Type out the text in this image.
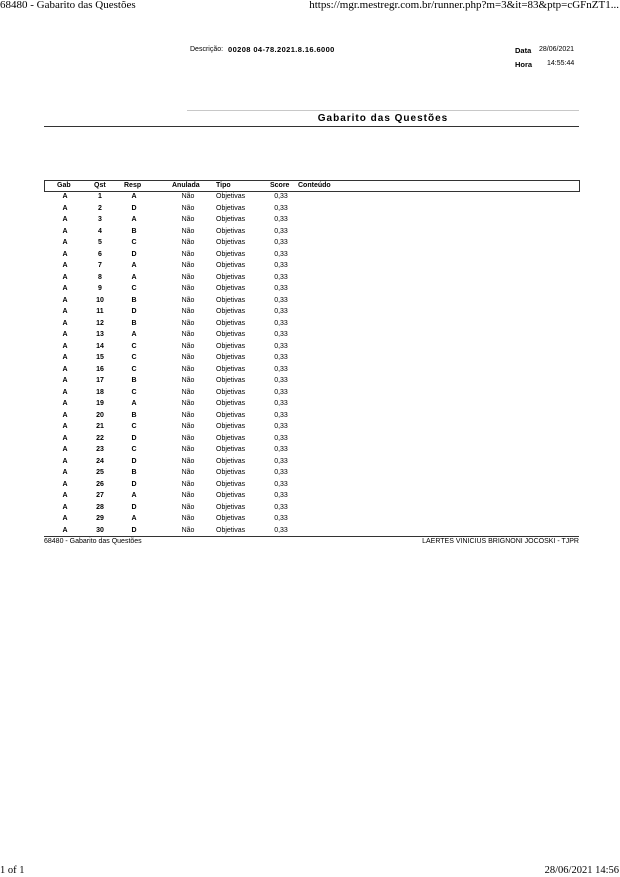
68480 - Gabarito das Questões	https://mgr.mestregr.com.br/runner.php?m=3&it=83&ptp=cGFnZT1...
Descrição: 00208 04-78.2021.8.16.6000	Data 28/06/2021
Hora 14:55:44
Gabarito das Questões
Gab	Qst	Resp	Anulada Tipo	Score Conteúdo
A	1	A	Não	Objetivas	0,33
A	2	D	Não	Objetivas	0,33
A	3	A	Não	Objetivas	0,33
A	4	B	Não	Objetivas	0,33
A	5	C	Não	Objetivas	0,33
A	6	D	Não	Objetivas	0,33
A	7	A	Não	Objetivas	0,33
A	8	A	Não	Objetivas	0,33
A	9	C	Não	Objetivas	0,33
A	10	B	Não	Objetivas	0,33
A	11	D	Não	Objetivas	0,33
A	12	B	Não	Objetivas	0,33
A	13	A	Não	Objetivas	0,33
A	14	C	Não	Objetivas	0,33
A	15	C	Não	Objetivas	0,33
A	16	C	Não	Objetivas	0,33
A	17	B	Não	Objetivas	0,33
A	18	C	Não	Objetivas	0,33
A	19	A	Não	Objetivas	0,33
A	20	B	Não	Objetivas	0,33
A	21	C	Não	Objetivas	0,33
A	22	D	Não	Objetivas	0,33
A	23	C	Não	Objetivas	0,33
A	24	D	Não	Objetivas	0,33
A	25	B	Não	Objetivas	0,33
A	26	D	Não	Objetivas	0,33
A	27	A	Não	Objetivas	0,33
A	28	D	Não	Objetivas	0,33
A	29	A	Não	Objetivas	0,33
A	30	D	Não	Objetivas	0,33
68480 - Gabarito das Questões	LAERTES VINICIUS BRIGNONI JOCOSKI - TJPR
1 of 1	28/06/2021 14:56
